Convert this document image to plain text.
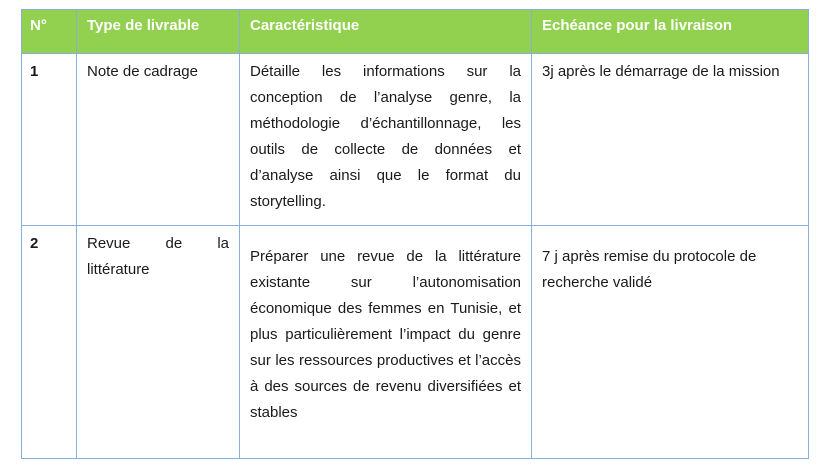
N°	Type de livrable	Caractéristique	Echéance pour la livraison
1	Note de cadrage	Détaille les informations sur la conception de l’analyse genre, la méthodologie d’échantillonnage, les outils de collecte de données et d’analyse ainsi que le format du storytelling.	3j après le démarrage de la mission
2	Revue de la littérature	Préparer une revue de la littérature existante sur l’autonomisation économique des femmes en Tunisie, et plus particulièrement l’impact du genre sur les ressources productives et l’accès à des sources de revenu diversifiées et stables	7 j après remise du protocole de recherche validé
